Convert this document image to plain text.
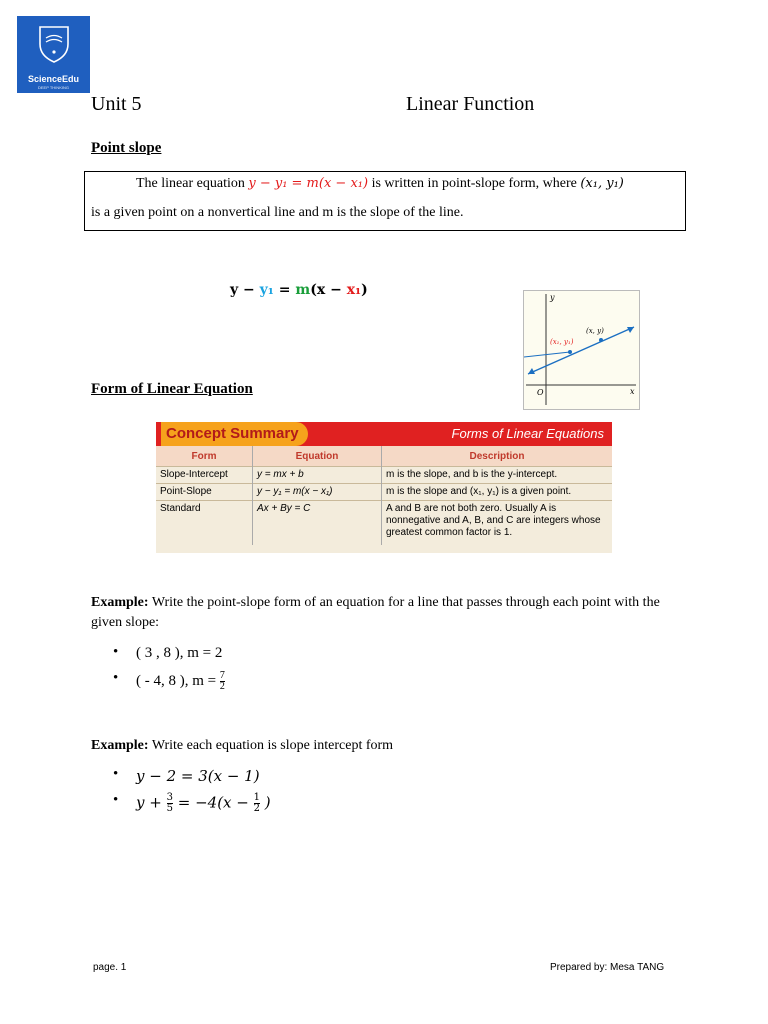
ScienceEdu
DEEP THINKING
Unit 5	Linear Function
Point slope
The linear equation y − y₁ = m(x − x₁) is written in point-slope form, where (x₁, y₁)
is a given point on a nonvertical line and m is the slope of the line.
y − y₁ = m(x − x₁)	y
x
O
(x, y)
(x₁, y₁)
Form of Linear Equation
Concept Summary	Forms of Linear Equations
Form	Equation	Description
Slope-Intercept	y = mx + b	m is the slope, and b is the y-intercept.
Point-Slope	y − y₁ = m(x − x₁)	m is the slope and (x₁, y₁) is a given point.
Standard	Ax + By = C	A and B are not both zero. Usually A is nonnegative and A, B, and C are integers whose greatest common factor is 1.
Example: Write the point-slope form of an equation for a line that passes through each point with the given slope:
• ( 3 , 8 ), m = 2
• ( - 4, 8 ), $m = \frac{7}{2}$
Example: Write each equation is slope intercept form
• y − 2 = 3(x − 1)
• $y + \frac{3}{5} = -4(x - \frac{1}{2}$ )
page. 1	Prepared by: Mesa TANG
